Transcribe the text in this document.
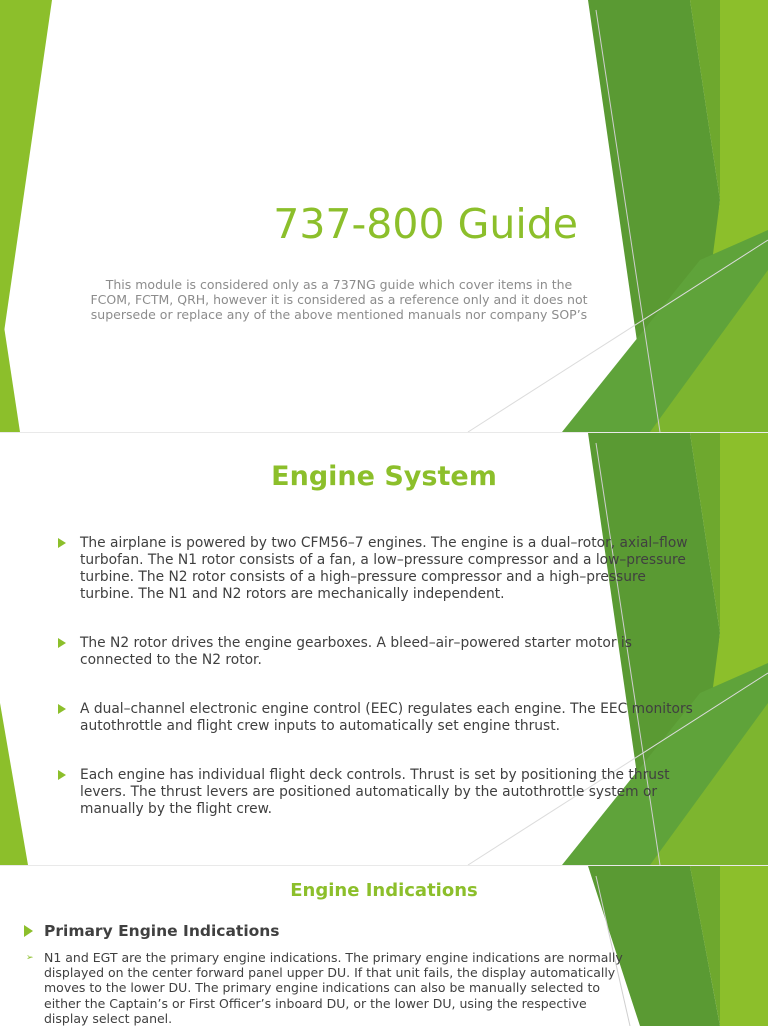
737-800 Guide

This module is considered only as a 737NG guide which cover items in the FCOM, FCTM, QRH, however it is considered as a reference only and it does not supersede or replace any of the above mentioned manuals nor company SOP’s

Engine System
The airplane is powered by two CFM56–7 engines. The engine is a dual–rotor, axial–flow turbofan. The N1 rotor consists of a fan, a low–pressure compressor and a low–pressure turbine. The N2 rotor consists of a high–pressure compressor and a high–pressure turbine. The N1 and N2 rotors are mechanically independent.
The N2 rotor drives the engine gearboxes. A bleed–air–powered starter motor is connected to the N2 rotor.
A dual–channel electronic engine control (EEC) regulates each engine. The EEC monitors autothrottle and flight crew inputs to automatically set engine thrust.
Each engine has individual flight deck controls. Thrust is set by positioning the thrust levers. The thrust levers are positioned automatically by the autothrottle system or manually by the flight crew.
Engine Indications
Primary Engine Indications

➢ N1 and EGT are the primary engine indications. The primary engine indications are normally displayed on the center forward panel upper DU. If that unit fails, the display automatically moves to the lower DU. The primary engine indications can also be manually selected to either the Captain’s or First Officer’s inboard DU, or the lower DU, using the respective display select panel.
